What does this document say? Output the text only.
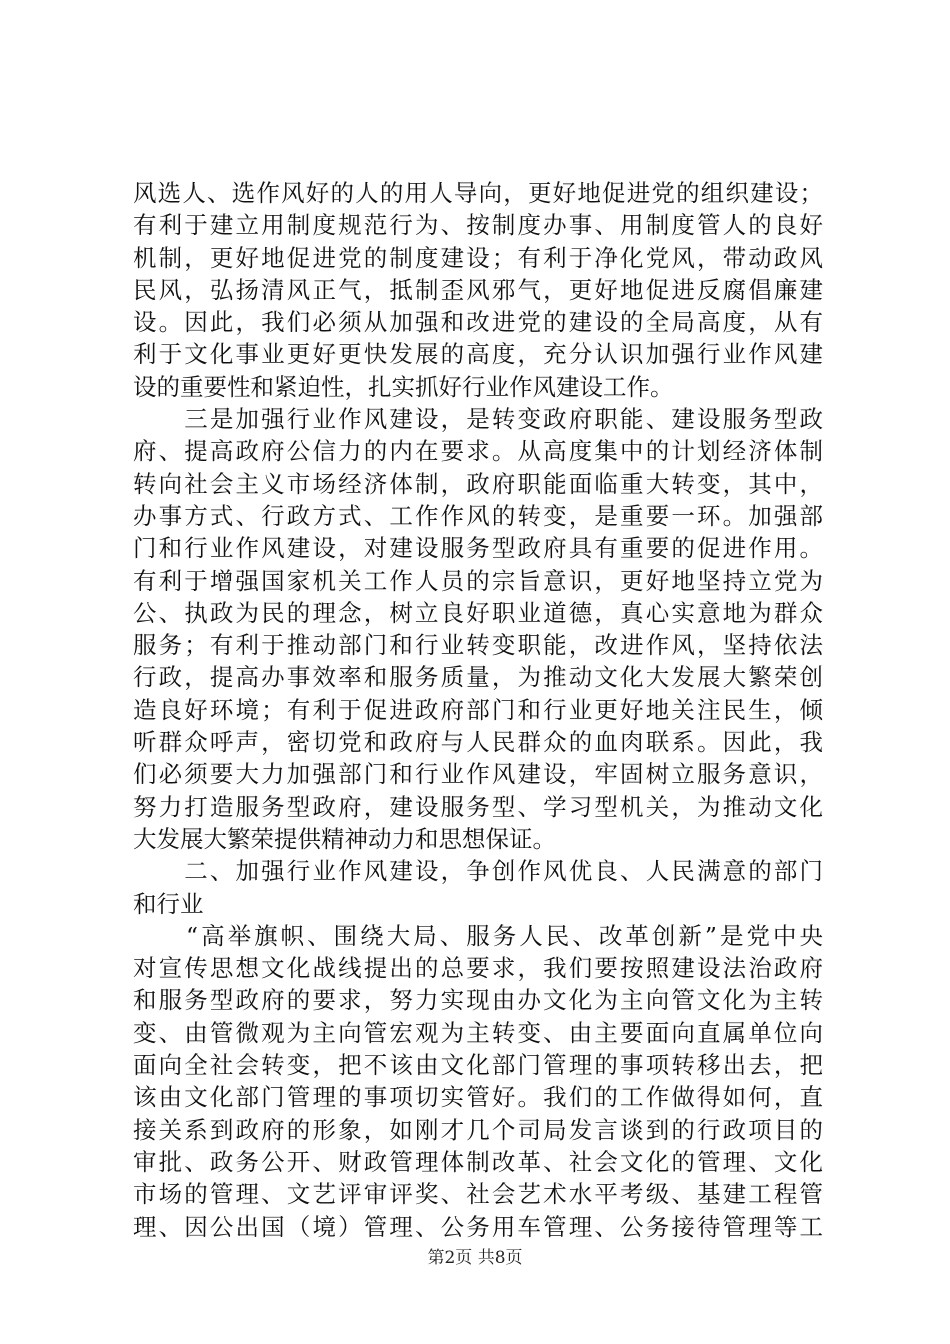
风选人、选作风好的人的用人导向，更好地促进党的组织建设；
有利于建立用制度规范行为、按制度办事、用制度管人的良好
机制，更好地促进党的制度建设；有利于净化党风，带动政风
民风，弘扬清风正气，抵制歪风邪气，更好地促进反腐倡廉建
设。因此，我们必须从加强和改进党的建设的全局高度，从有
利于文化事业更好更快发展的高度，充分认识加强行业作风建
设的重要性和紧迫性，扎实抓好行业作风建设工作。
　　三是加强行业作风建设，是转变政府职能、建设服务型政
府、提高政府公信力的内在要求。从高度集中的计划经济体制
转向社会主义市场经济体制，政府职能面临重大转变，其中，
办事方式、行政方式、工作作风的转变，是重要一环。加强部
门和行业作风建设，对建设服务型政府具有重要的促进作用。
有利于增强国家机关工作人员的宗旨意识，更好地坚持立党为
公、执政为民的理念，树立良好职业道德，真心实意地为群众
服务；有利于推动部门和行业转变职能，改进作风，坚持依法
行政，提高办事效率和服务质量，为推动文化大发展大繁荣创
造良好环境；有利于促进政府部门和行业更好地关注民生，倾
听群众呼声，密切党和政府与人民群众的血肉联系。因此，我
们必须要大力加强部门和行业作风建设，牢固树立服务意识，
努力打造服务型政府，建设服务型、学习型机关，为推动文化
大发展大繁荣提供精神动力和思想保证。
　　二、加强行业作风建设，争创作风优良、人民满意的部门
和行业
　　“高举旗帜、围绕大局、服务人民、改革创新”是党中央
对宣传思想文化战线提出的总要求，我们要按照建设法治政府
和服务型政府的要求，努力实现由办文化为主向管文化为主转
变、由管微观为主向管宏观为主转变、由主要面向直属单位向
面向全社会转变，把不该由文化部门管理的事项转移出去，把
该由文化部门管理的事项切实管好。我们的工作做得如何，直
接关系到政府的形象，如刚才几个司局发言谈到的行政项目的
审批、政务公开、财政管理体制改革、社会文化的管理、文化
市场的管理、文艺评审评奖、社会艺术水平考级、基建工程管
理、因公出国（境）管理、公务用车管理、公务接待管理等工
第2页 共8页
